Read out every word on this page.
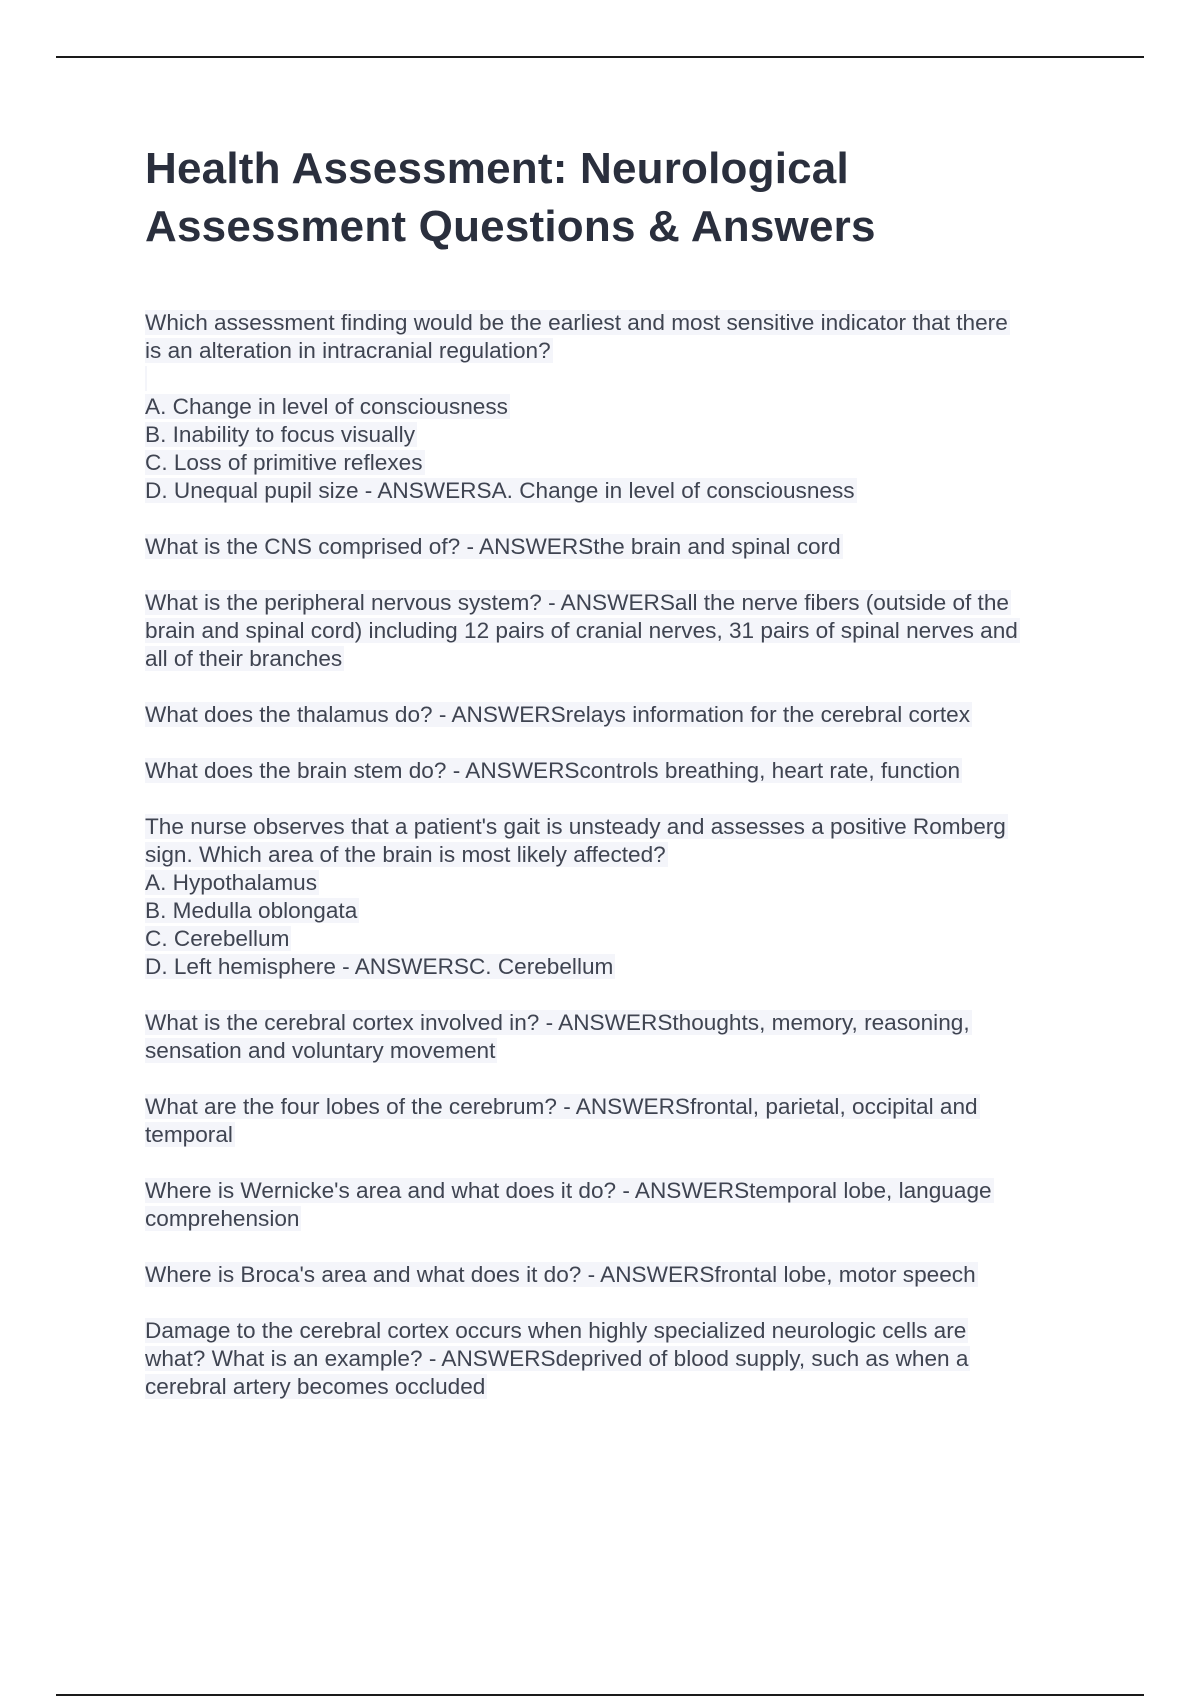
Health Assessment: Neurological
Assessment Questions & Answers

Which assessment finding would be the earliest and most sensitive indicator that there
is an alteration in intracranial regulation?

A. Change in level of consciousness
B. Inability to focus visually
C. Loss of primitive reflexes
D. Unequal pupil size - ANSWERSA. Change in level of consciousness

What is the CNS comprised of? - ANSWERSthe brain and spinal cord

What is the peripheral nervous system? - ANSWERSall the nerve fibers (outside of the
brain and spinal cord) including 12 pairs of cranial nerves, 31 pairs of spinal nerves and
all of their branches

What does the thalamus do? - ANSWERSrelays information for the cerebral cortex

What does the brain stem do? - ANSWERScontrols breathing, heart rate, function

The nurse observes that a patient's gait is unsteady and assesses a positive Romberg
sign. Which area of the brain is most likely affected?
A. Hypothalamus
B. Medulla oblongata
C. Cerebellum
D. Left hemisphere - ANSWERSC. Cerebellum

What is the cerebral cortex involved in? - ANSWERSthoughts, memory, reasoning,
sensation and voluntary movement

What are the four lobes of the cerebrum? - ANSWERSfrontal, parietal, occipital and
temporal

Where is Wernicke's area and what does it do? - ANSWERStemporal lobe, language
comprehension

Where is Broca's area and what does it do? - ANSWERSfrontal lobe, motor speech

Damage to the cerebral cortex occurs when highly specialized neurologic cells are
what? What is an example? - ANSWERSdeprived of blood supply, such as when a
cerebral artery becomes occluded
